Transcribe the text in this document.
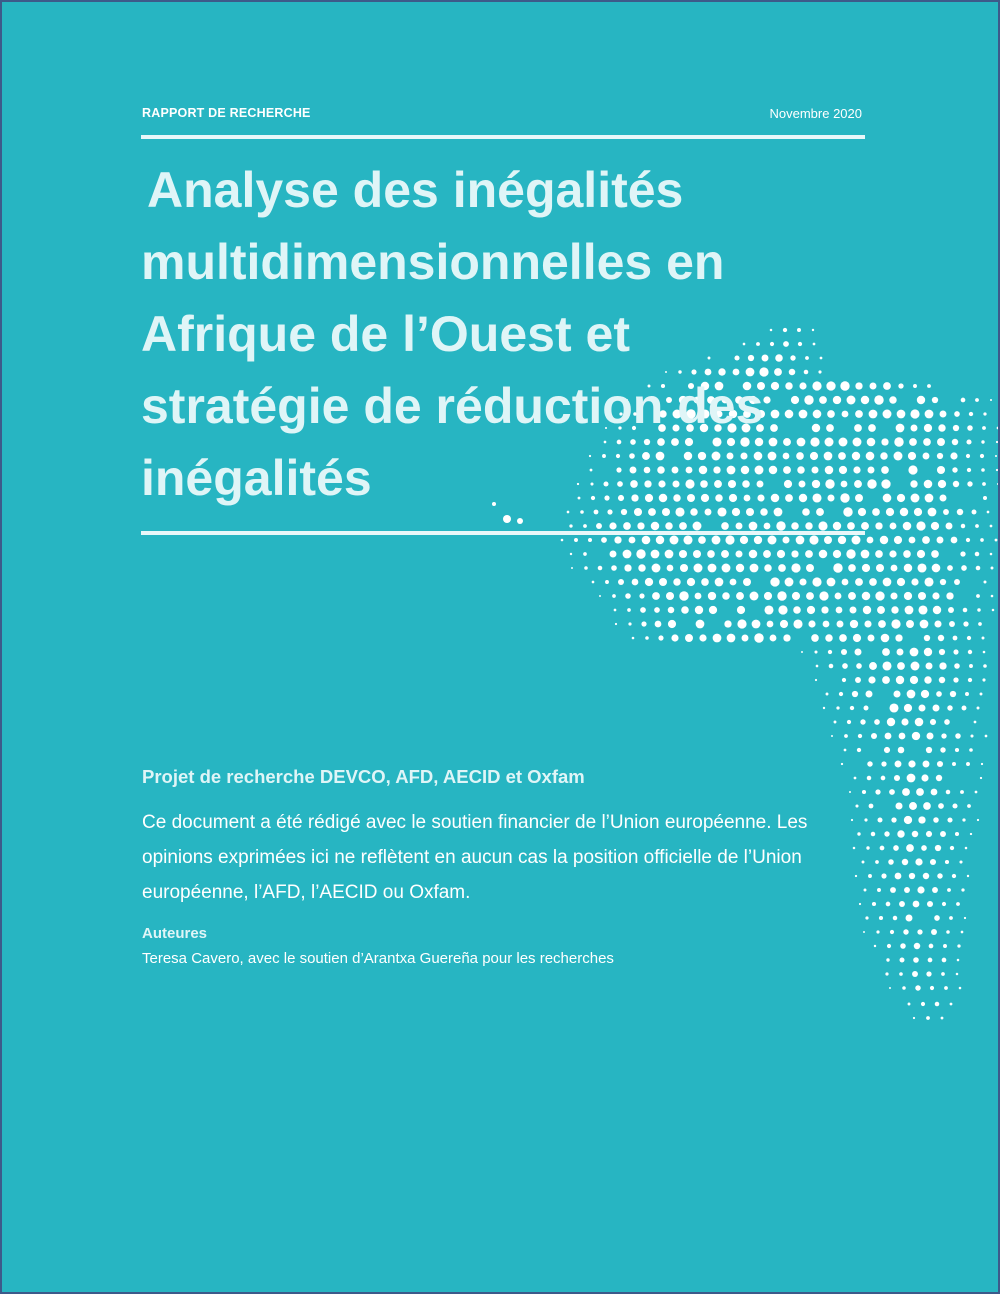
RAPPORT DE RECHERCHE	Novembre 2020
Analyse des inégalités
multidimensionnelles en
Afrique de l’Ouest et
stratégie de réduction des
inégalités
Projet de recherche DEVCO, AFD, AECID et Oxfam
Ce document a été rédigé avec le soutien financier de l’Union européenne. Les
opinions exprimées ici ne reflètent en aucun cas la position officielle de l’Union
européenne, l’AFD, l’AECID ou Oxfam.
Auteures
Teresa Cavero, avec le soutien d’Arantxa Guereña pour les recherches
